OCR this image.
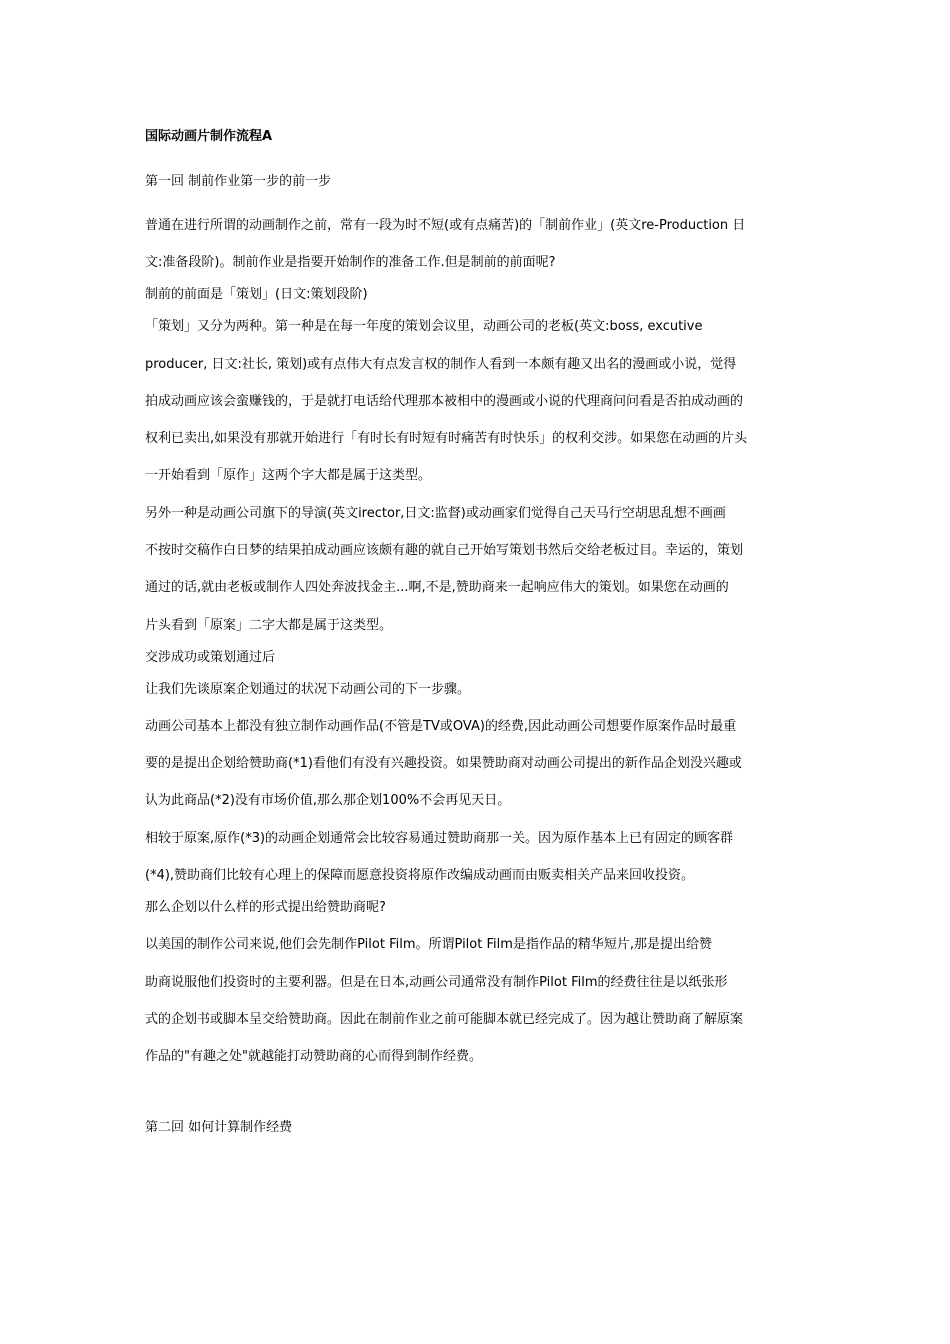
国际动画片制作流程A
第一回 制前作业第一步的前一步
普通在进行所谓的动画制作之前，常有一段为时不短(或有点痛苦)的「制前作业」(英文re-Production 日
文:准备段阶)。制前作业是指要开始制作的准备工作.但是制前的前面呢?
制前的前面是「策划」(日文:策划段阶)
「策划」又分为两种。第一种是在每一年度的策划会议里，动画公司的老板(英文:boss, excutive
producer, 日文:社长, 策划)或有点伟大有点发言权的制作人看到一本颇有趣又出名的漫画或小说，觉得
拍成动画应该会蛮赚钱的，于是就打电话给代理那本被相中的漫画或小说的代理商问问看是否拍成动画的
权利已卖出,如果没有那就开始进行「有时长有时短有时痛苦有时快乐」的权利交涉。如果您在动画的片头
一开始看到「原作」这两个字大都是属于这类型。
另外一种是动画公司旗下的导演(英文irector,日文:监督)或动画家们觉得自己天马行空胡思乱想不画画
不按时交稿作白日梦的结果拍成动画应该颇有趣的就自己开始写策划书然后交给老板过目。幸运的，策划
通过的话,就由老板或制作人四处奔波找金主...啊,不是,赞助商来一起响应伟大的策划。如果您在动画的
片头看到「原案」二字大都是属于这类型。
交涉成功或策划通过后
让我们先谈原案企划通过的状况下动画公司的下一步骤。
动画公司基本上都没有独立制作动画作品(不管是TV或OVA)的经费,因此动画公司想要作原案作品时最重
要的是提出企划给赞助商(*1)看他们有没有兴趣投资。如果赞助商对动画公司提出的新作品企划没兴趣或
认为此商品(*2)没有市场价值,那么那企划100%不会再见天日。
相较于原案,原作(*3)的动画企划通常会比较容易通过赞助商那一关。因为原作基本上已有固定的顾客群
(*4),赞助商们比较有心理上的保障而愿意投资将原作改编成动画而由贩卖相关产品来回收投资。
那么企划以什么样的形式提出给赞助商呢?
以美国的制作公司来说,他们会先制作Pilot Film。所谓Pilot Film是指作品的精华短片,那是提出给赞
助商说服他们投资时的主要利器。但是在日本,动画公司通常没有制作Pilot Film的经费往往是以纸张形
式的企划书或脚本呈交给赞助商。因此在制前作业之前可能脚本就已经完成了。因为越让赞助商了解原案
作品的"有趣之处"就越能打动赞助商的心而得到制作经费。
第二回 如何计算制作经费
